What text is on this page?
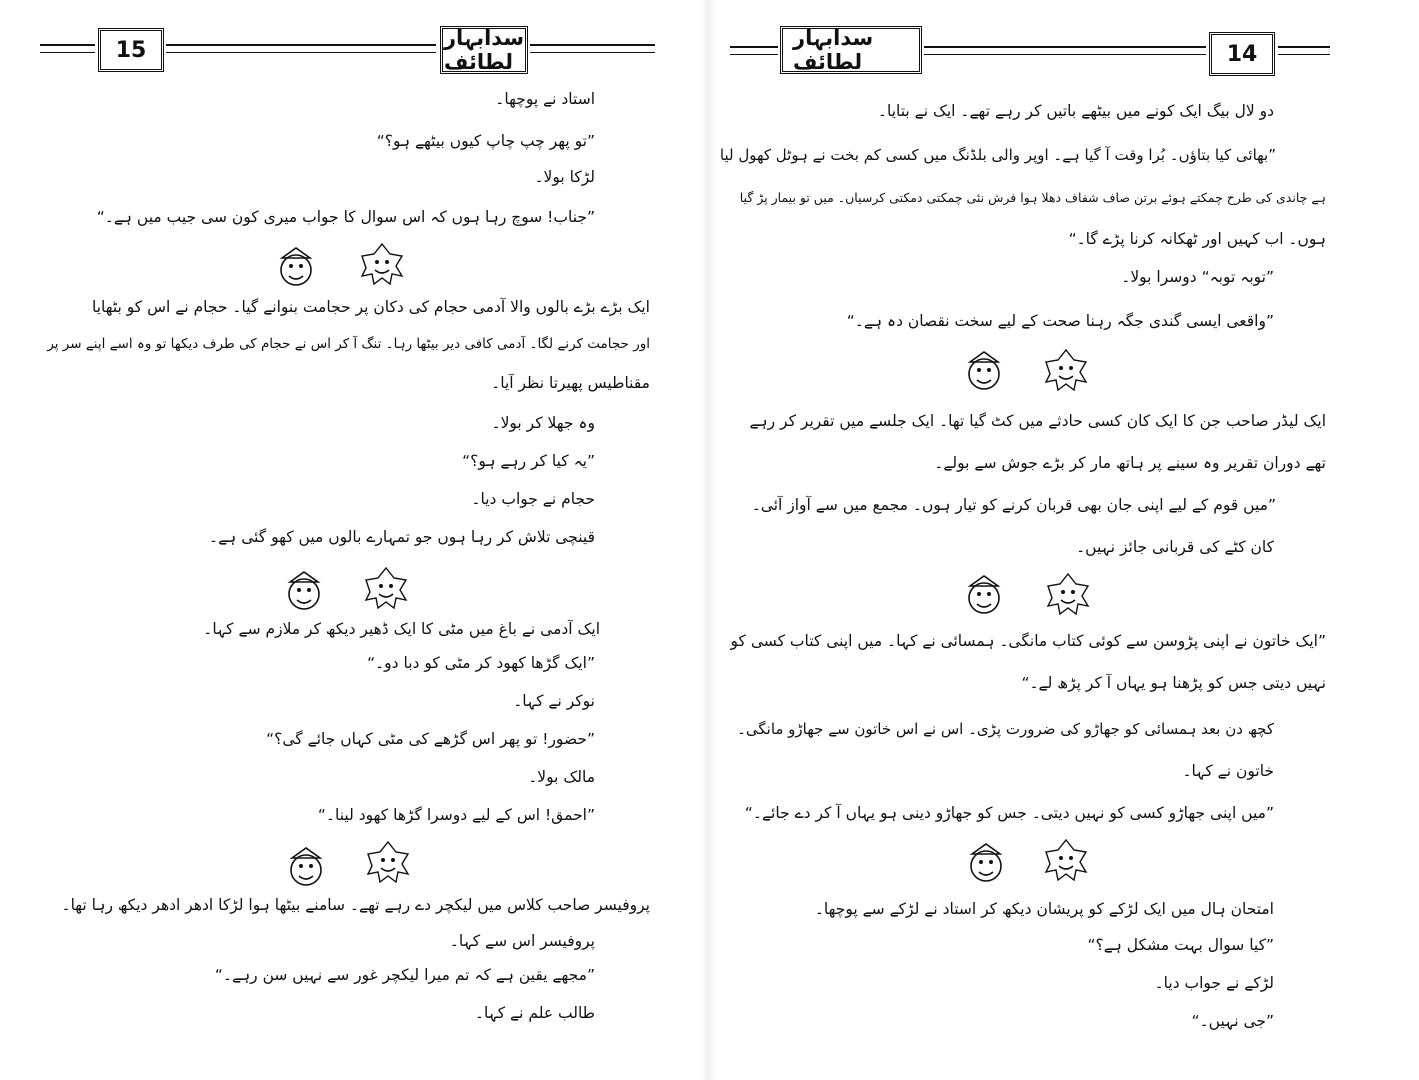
15	سدابہار لطائف
استاد نے پوچھا۔
”تو پھر چپ چاپ کیوں بیٹھے ہو؟“
لڑکا بولا۔
”جناب! سوچ رہا ہوں کہ اس سوال کا جواب میری کون سی جیب میں ہے۔“
ایک بڑے بڑے بالوں والا آدمی حجام کی دکان پر حجامت بنوانے گیا۔ حجام نے اس کو بٹھایا
اور حجامت کرنے لگا۔ آدمی کافی دیر بیٹھا رہا۔ تنگ آ کر اس نے حجام کی طرف دیکھا تو وہ اسے اپنے سر پر
مقناطیس پھیرتا نظر آیا۔
وہ جھلا کر بولا۔
”یہ کیا کر رہے ہو؟“
حجام نے جواب دیا۔
قینچی تلاش کر رہا ہوں جو تمہارے بالوں میں کھو گئی ہے۔
ایک آدمی نے باغ میں مٹی کا ایک ڈھیر دیکھ کر ملازم سے کہا۔
”ایک گڑھا کھود کر مٹی کو دبا دو۔“
نوکر نے کہا۔
”حضور! تو پھر اس گڑھے کی مٹی کہاں جائے گی؟“
مالک بولا۔
”احمق! اس کے لیے دوسرا گڑھا کھود لینا۔“
پروفیسر صاحب کلاس میں لیکچر دے رہے تھے۔ سامنے بیٹھا ہوا لڑکا ادھر ادھر دیکھ رہا تھا۔
پروفیسر اس سے کہا۔
”مجھے یقین ہے کہ تم میرا لیکچر غور سے نہیں سن رہے۔“
طالب علم نے کہا۔
سدابہار لطائف	14
دو لال بیگ ایک کونے میں بیٹھے باتیں کر رہے تھے۔ ایک نے بتایا۔
”بھائی کیا بتاؤں۔ بُرا وقت آ گیا ہے۔ اوپر والی بلڈنگ میں کسی کم بخت نے ہوٹل کھول لیا
ہے چاندی کی طرح چمکتے ہوئے برتن صاف شفاف دھلا ہوا فرش نئی چمکتی دمکتی کرسیاں۔ میں تو بیمار پڑ گیا
ہوں۔ اب کہیں اور ٹھکانہ کرنا پڑے گا۔“
”توبہ توبہ“ دوسرا بولا۔
”واقعی ایسی گندی جگہ رہنا صحت کے لیے سخت نقصان دہ ہے۔“
ایک لیڈر صاحب جن کا ایک کان کسی حادثے میں کٹ گیا تھا۔ ایک جلسے میں تقریر کر رہے
تھے دوران تقریر وہ سینے پر ہاتھ مار کر بڑے جوش سے بولے۔
”میں قوم کے لیے اپنی جان بھی قربان کرنے کو تیار ہوں۔ مجمع میں سے آواز آئی۔
کان کٹے کی قربانی جائز نہیں۔
”ایک خاتون نے اپنی پڑوسن سے کوئی کتاب مانگی۔ ہمسائی نے کہا۔ میں اپنی کتاب کسی کو
نہیں دیتی جس کو پڑھنا ہو یہاں آ کر پڑھ لے۔“
کچھ دن بعد ہمسائی کو جھاڑو کی ضرورت پڑی۔ اس نے اس خاتون سے جھاڑو مانگی۔
خاتون نے کہا۔
”میں اپنی جھاڑو کسی کو نہیں دیتی۔ جس کو جھاڑو دینی ہو یہاں آ کر دے جائے۔“
امتحان ہال میں ایک لڑکے کو پریشان دیکھ کر استاد نے لڑکے سے پوچھا۔
”کیا سوال بہت مشکل ہے؟“
لڑکے نے جواب دیا۔
”جی نہیں۔“
